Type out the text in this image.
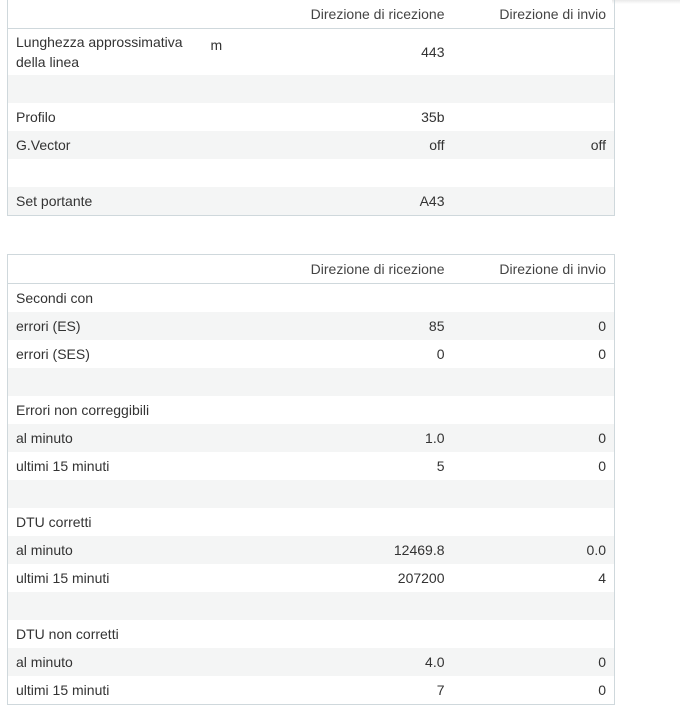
		Direzione di ricezione	Direzione di invio
Lunghezza approssimativa della linea	m	443	

Profilo		35b	
G.Vector		off	off

Set portante		A43	
	Direzione di ricezione	Direzione di invio
Secondi con		
errori (ES)	85	0
errori (SES)	0	0

Errori non correggibili		
al minuto	1.0	0
ultimi 15 minuti	5	0

DTU corretti		
al minuto	12469.8	0.0
ultimi 15 minuti	207200	4

DTU non corretti		
al minuto	4.0	0
ultimi 15 minuti	7	0
